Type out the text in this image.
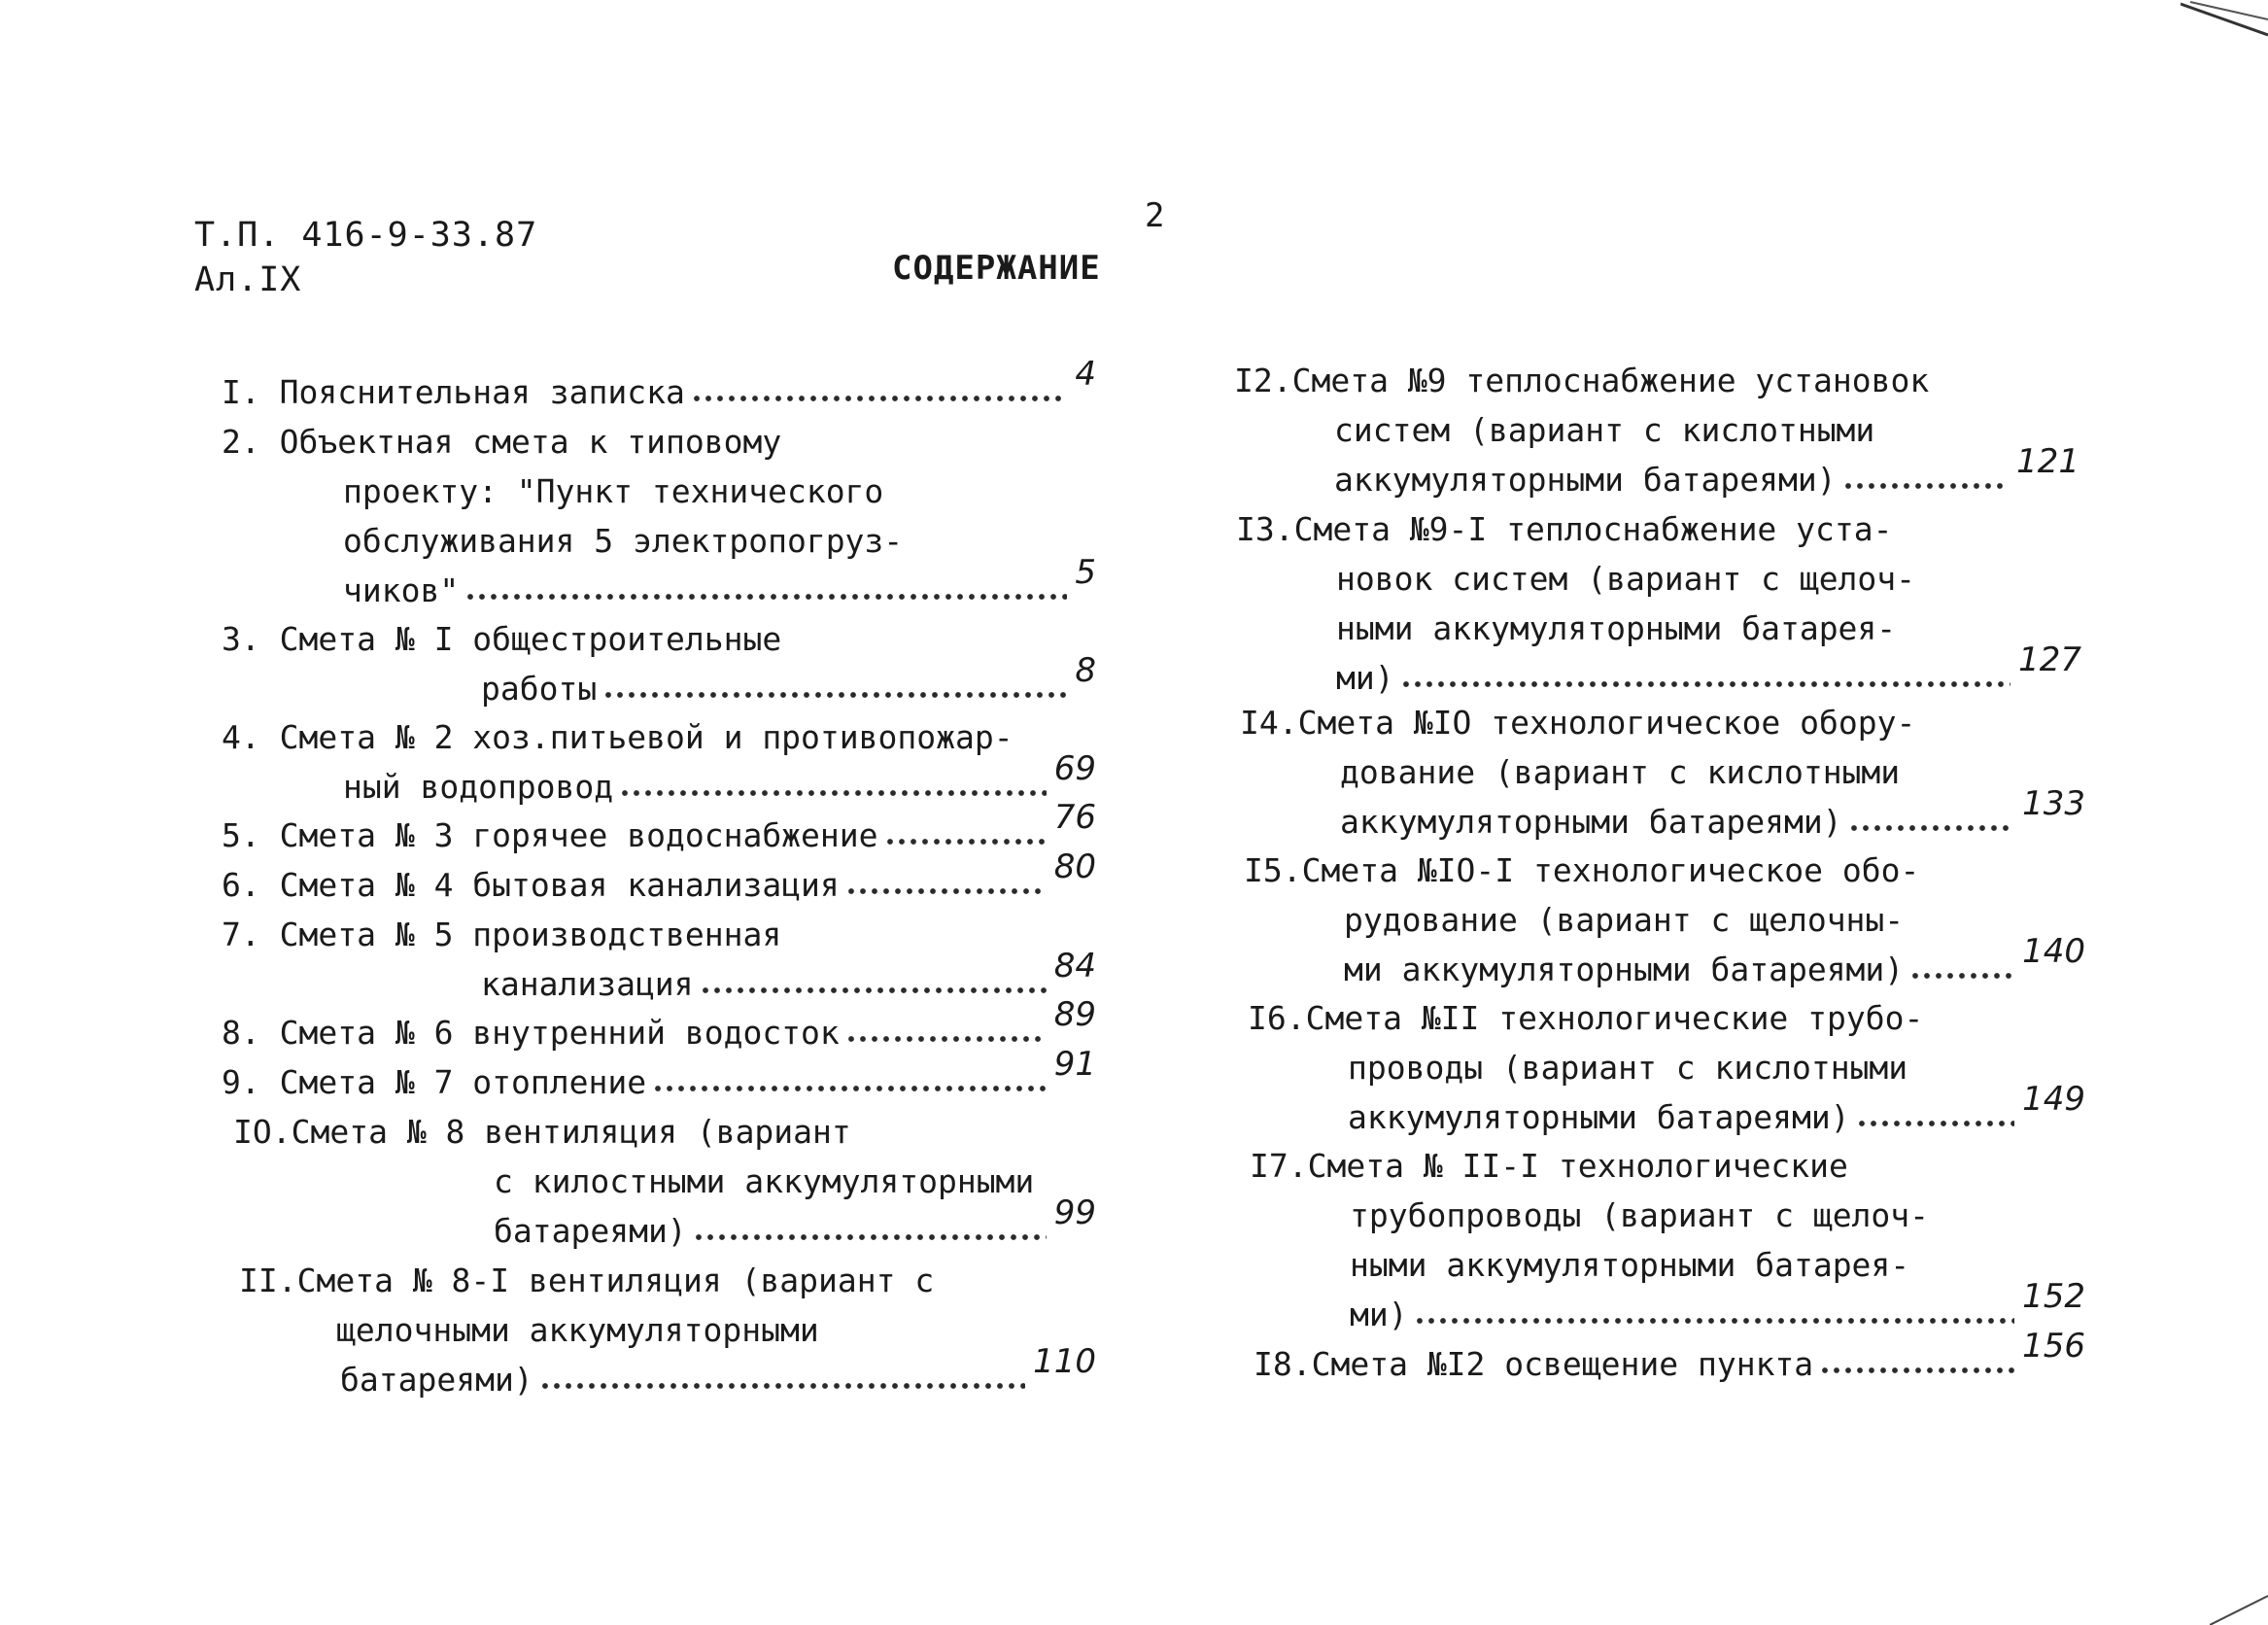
Т.П. 416-9-33.87
Ал.IX
2
СОДЕРЖАНИЕ
I. Пояснительная записка	4
2. Объектная смета к типовому
проекту: "Пункт технического
обслуживания 5 электропогруз-
чиков"	5
3. Смета № I общестроительные
работы	8
4. Смета № 2 хоз.питьевой и противопожар-
ный водопровод	69
5. Смета № 3 горячее водоснабжение	76
6. Смета № 4 бытовая канализация	80
7. Смета № 5 производственная
канализация	84
8. Смета № 6 внутренний водосток	89
9. Смета № 7 отопление	91
IO.Смета № 8 вентиляция (вариант
с килостными аккумуляторными
батареями)	99
II.Смета № 8-I вентиляция (вариант с
щелочными аккумуляторными
батареями)	110
I2.Смета №9 теплоснабжение установок
систем (вариант с кислотными
аккумуляторными батареями)	121
I3.Смета №9-I теплоснабжение уста-
новок систем (вариант с щелоч-
ными аккумуляторными батарея-
ми)	127
I4.Смета №IO технологическое обору-
дование (вариант с кислотными
аккумуляторными батареями)	133
I5.Смета №IO-I технологическое обо-
рудование (вариант с щелочны-
ми аккумуляторными батареями)	140
I6.Смета №II технологические трубо-
проводы (вариант с кислотными
аккумуляторными батареями)	149
I7.Смета № II-I технологические
трубопроводы (вариант с щелоч-
ными аккумуляторными батарея-
ми)	152
I8.Смета №I2 освещение пункта	156
